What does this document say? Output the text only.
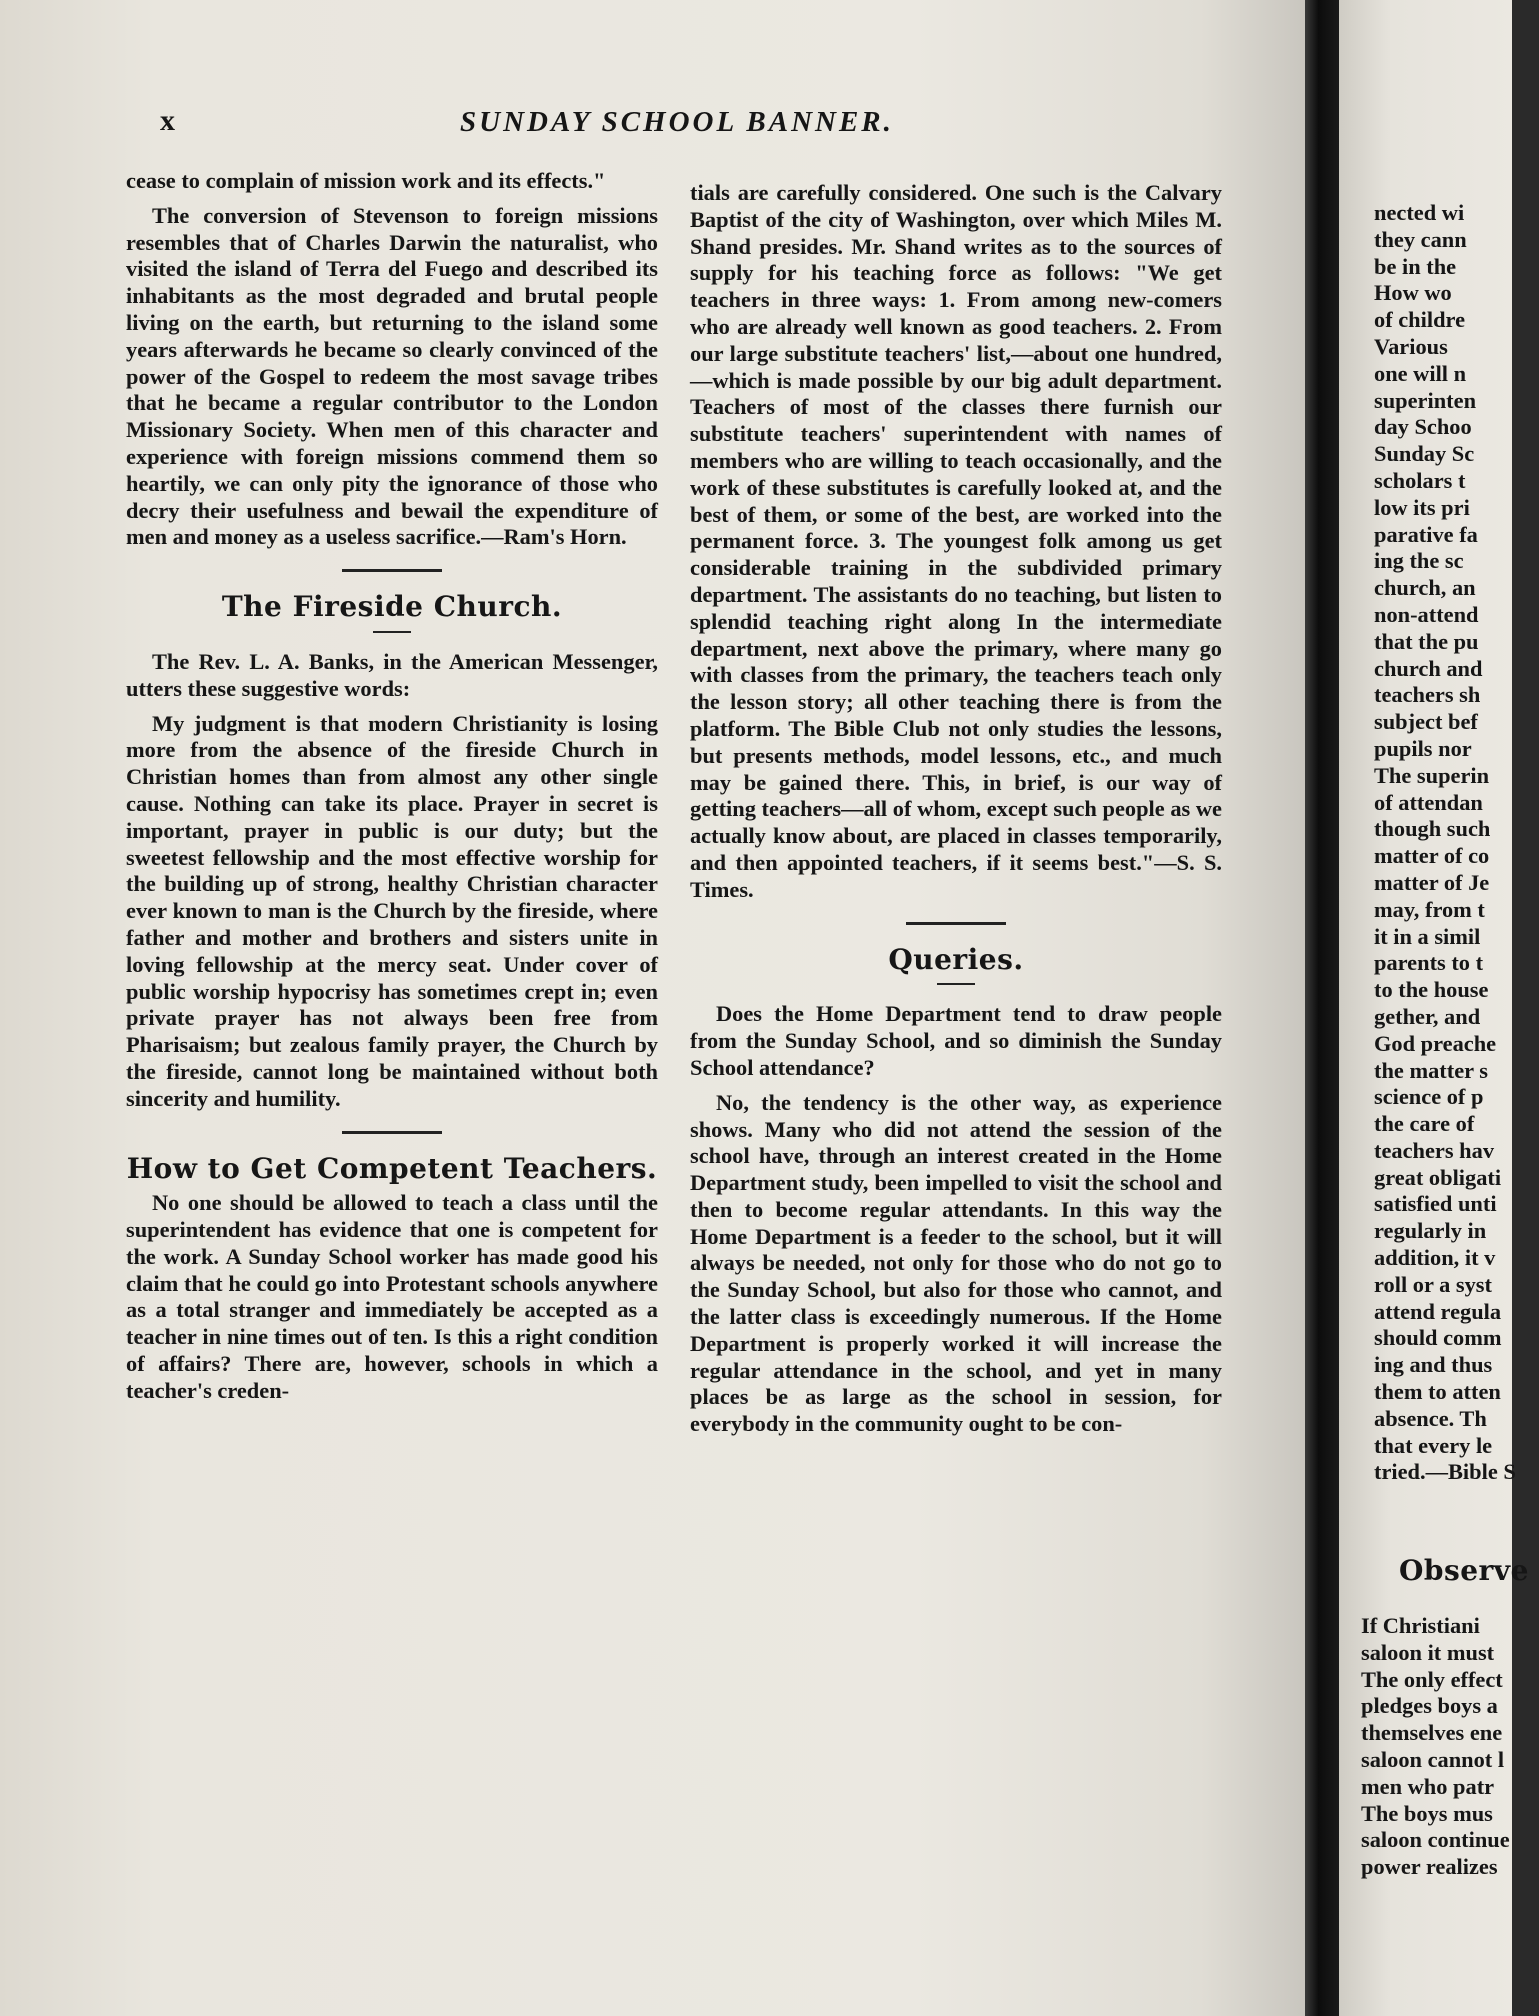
x	SUNDAY SCHOOL BANNER.

cease to complain of mission work and its effects."

The conversion of Stevenson to foreign missions resembles that of Charles Darwin the naturalist, who visited the island of Terra del Fuego and described its inhabitants as the most degraded and brutal people living on the earth, but returning to the island some years afterwards he became so clearly convinced of the power of the Gospel to redeem the most savage tribes that he became a regular contributor to the London Missionary Society. When men of this character and experience with foreign missions commend them so heartily, we can only pity the ignorance of those who decry their usefulness and bewail the expenditure of men and money as a useless sacrifice.—Ram's Horn.

The Fireside Church.

The Rev. L. A. Banks, in the American Messenger, utters these suggestive words:

My judgment is that modern Christianity is losing more from the absence of the fireside Church in Christian homes than from almost any other single cause. Nothing can take its place. Prayer in secret is important, prayer in public is our duty; but the sweetest fellowship and the most effective worship for the building up of strong, healthy Christian character ever known to man is the Church by the fireside, where father and mother and brothers and sisters unite in loving fellowship at the mercy seat. Under cover of public worship hypocrisy has sometimes crept in; even private prayer has not always been free from Pharisaism; but zealous family prayer, the Church by the fireside, cannot long be maintained without both sincerity and humility.

How to Get Competent Teachers.

No one should be allowed to teach a class until the superintendent has evidence that one is competent for the work. A Sunday School worker has made good his claim that he could go into Protestant schools anywhere as a total stranger and immediately be accepted as a teacher in nine times out of ten. Is this a right condition of affairs? There are, however, schools in which a teacher's creden-

tials are carefully considered. One such is the Calvary Baptist of the city of Washington, over which Miles M. Shand presides. Mr. Shand writes as to the sources of supply for his teaching force as follows: "We get teachers in three ways: 1. From among new-comers who are already well known as good teachers. 2. From our large substitute teachers' list,—about one hundred,—which is made possible by our big adult department. Teachers of most of the classes there furnish our substitute teachers' superintendent with names of members who are willing to teach occasionally, and the work of these substitutes is carefully looked at, and the best of them, or some of the best, are worked into the permanent force. 3. The youngest folk among us get considerable training in the subdivided primary department. The assistants do no teaching, but listen to splendid teaching right along In the intermediate department, next above the primary, where many go with classes from the primary, the teachers teach only the lesson story; all other teaching there is from the platform. The Bible Club not only studies the lessons, but presents methods, model lessons, etc., and much may be gained there. This, in brief, is our way of getting teachers—all of whom, except such people as we actually know about, are placed in classes temporarily, and then appointed teachers, if it seems best."—S. S. Times.

Queries.

Does the Home Department tend to draw people from the Sunday School, and so diminish the Sunday School attendance?

No, the tendency is the other way, as experience shows. Many who did not attend the session of the school have, through an interest created in the Home Department study, been impelled to visit the school and then to become regular attendants. In this way the Home Department is a feeder to the school, but it will always be needed, not only for those who do not go to the Sunday School, but also for those who cannot, and the latter class is exceedingly numerous. If the Home Department is properly worked it will increase the regular attendance in the school, and yet in many places be as large as the school in session, for everybody in the community ought to be con-

nected wi
they cann
be in the
How wo
of childre
Various
one will n
superinten
day Schoo
Sunday Sc
scholars t
low its pri
parative fa
ing the sc
church, an
non-attend
that the pu
church and
teachers sh
subject bef
pupils nor
The superin
of attendan
though such
matter of co
matter of Je
may, from t
it in a simil
parents to t
to the house
gether, and
God preache
the matter s
science of p
the care of
teachers hav
great obligati
satisfied unti
regularly in
addition, it v
roll or a syst
attend regula
should comm
ing and thus
them to atten
absence. Th
that every le
tried.—Bible S
Observe
If Christiani
saloon it must
The only effect
pledges boys a
themselves ene
saloon cannot l
men who patr
The boys mus
saloon continue
power realizes
